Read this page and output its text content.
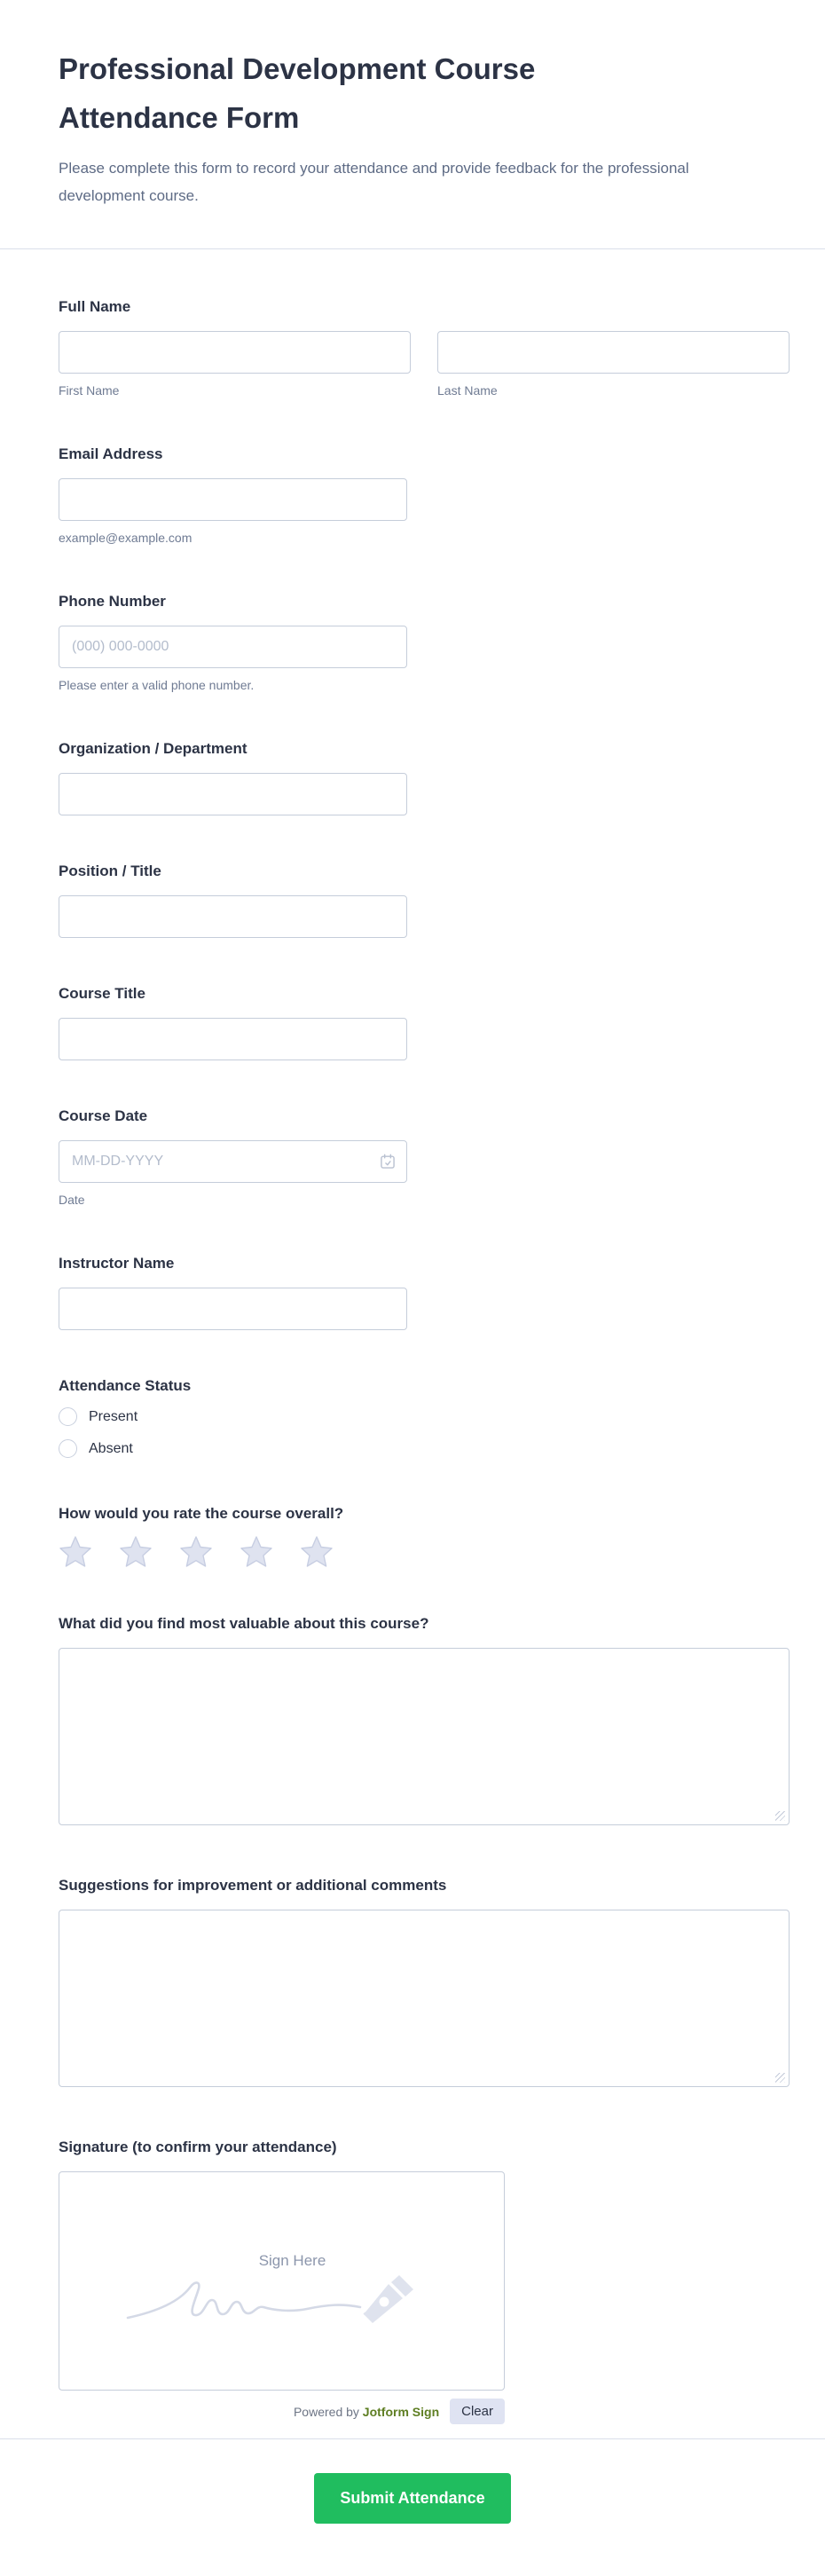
Professional Development Course Attendance Form

Please complete this form to record your attendance and provide feedback for the professional development course.

Full Name
First Name	Last Name
Email Address
example@example.com
Phone Number
(000) 000-0000
Please enter a valid phone number.
Organization / Department
Position / Title
Course Title
Course Date
MM-DD-YYYY
Date
Instructor Name
Attendance Status
Present
Absent
How would you rate the course overall?
What did you find most valuable about this course?
Suggestions for improvement or additional comments
Signature (to confirm your attendance)
Sign Here
Powered by Jotform Sign	Clear
Submit Attendance
